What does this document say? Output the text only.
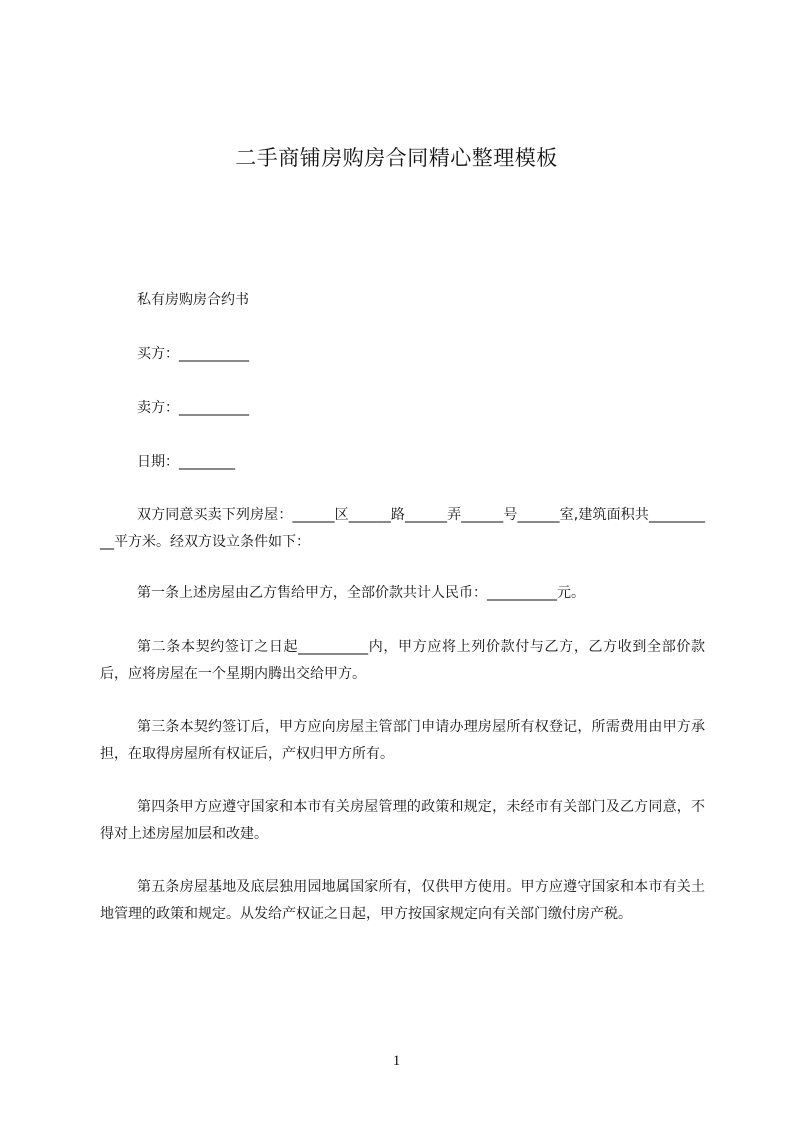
二手商铺房购房合同精心整理模板
私有房购房合约书
买方：__________
卖方：__________
日期：________

双方同意买卖下列房屋：______区______路______弄______号______室,建筑面积共__________平方米。经双方设立条件如下：

第一条上述房屋由乙方售给甲方，全部价款共计人民币：__________元。

第二条本契约签订之日起__________内，甲方应将上列价款付与乙方，乙方收到全部价款后，应将房屋在一个星期内腾出交给甲方。

第三条本契约签订后，甲方应向房屋主管部门申请办理房屋所有权登记，所需费用由甲方承担，在取得房屋所有权证后，产权归甲方所有。

第四条甲方应遵守国家和本市有关房屋管理的政策和规定，未经市有关部门及乙方同意，不得对上述房屋加层和改建。

第五条房屋基地及底层独用园地属国家所有，仅供甲方使用。甲方应遵守国家和本市有关土地管理的政策和规定。从发给产权证之日起，甲方按国家规定向有关部门缴付房产税。

1
